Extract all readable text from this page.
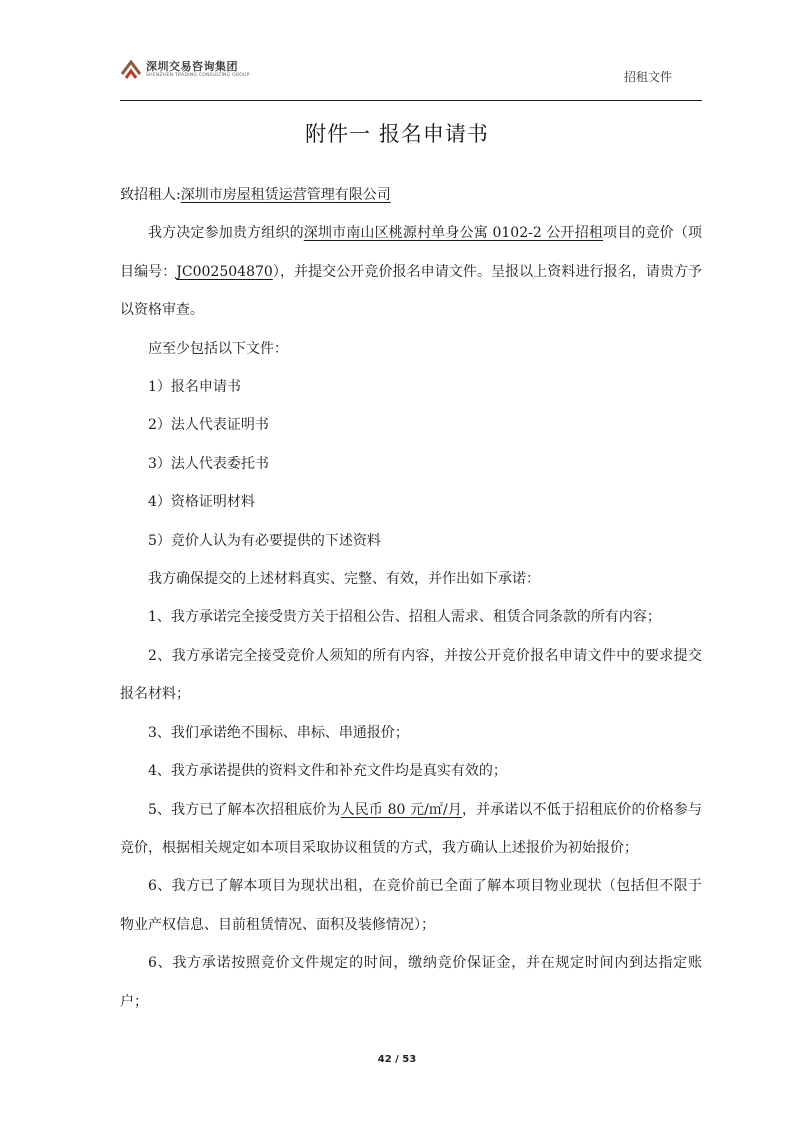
深圳交易咨询集团
SHENZHEN TRADING CONSULTING GROUP	招租文件
附件一 报名申请书

致招租人:深圳市房屋租赁运营管理有限公司

我方决定参加贵方组织的深圳市南山区桃源村单身公寓 0102-2 公开招租项目的竞价（项目编号：JC002504870），并提交公开竞价报名申请文件。呈报以上资料进行报名，请贵方予以资格审查。

应至少包括以下文件：

1）报名申请书

2）法人代表证明书

3）法人代表委托书

4）资格证明材料

5）竞价人认为有必要提供的下述资料

我方确保提交的上述材料真实、完整、有效，并作出如下承诺：

1、我方承诺完全接受贵方关于招租公告、招租人需求、租赁合同条款的所有内容；

2、我方承诺完全接受竞价人须知的所有内容，并按公开竞价报名申请文件中的要求提交报名材料；

3、我们承诺绝不围标、串标、串通报价；

4、我方承诺提供的资料文件和补充文件均是真实有效的；

5、我方已了解本次招租底价为人民币 80 元/㎡/月，并承诺以不低于招租底价的价格参与竞价，根据相关规定如本项目采取协议租赁的方式，我方确认上述报价为初始报价；

6、我方已了解本项目为现状出租，在竞价前已全面了解本项目物业现状（包括但不限于物业产权信息、目前租赁情况、面积及装修情况）；

6、我方承诺按照竞价文件规定的时间，缴纳竞价保证金，并在规定时间内到达指定账户；

42 / 53
